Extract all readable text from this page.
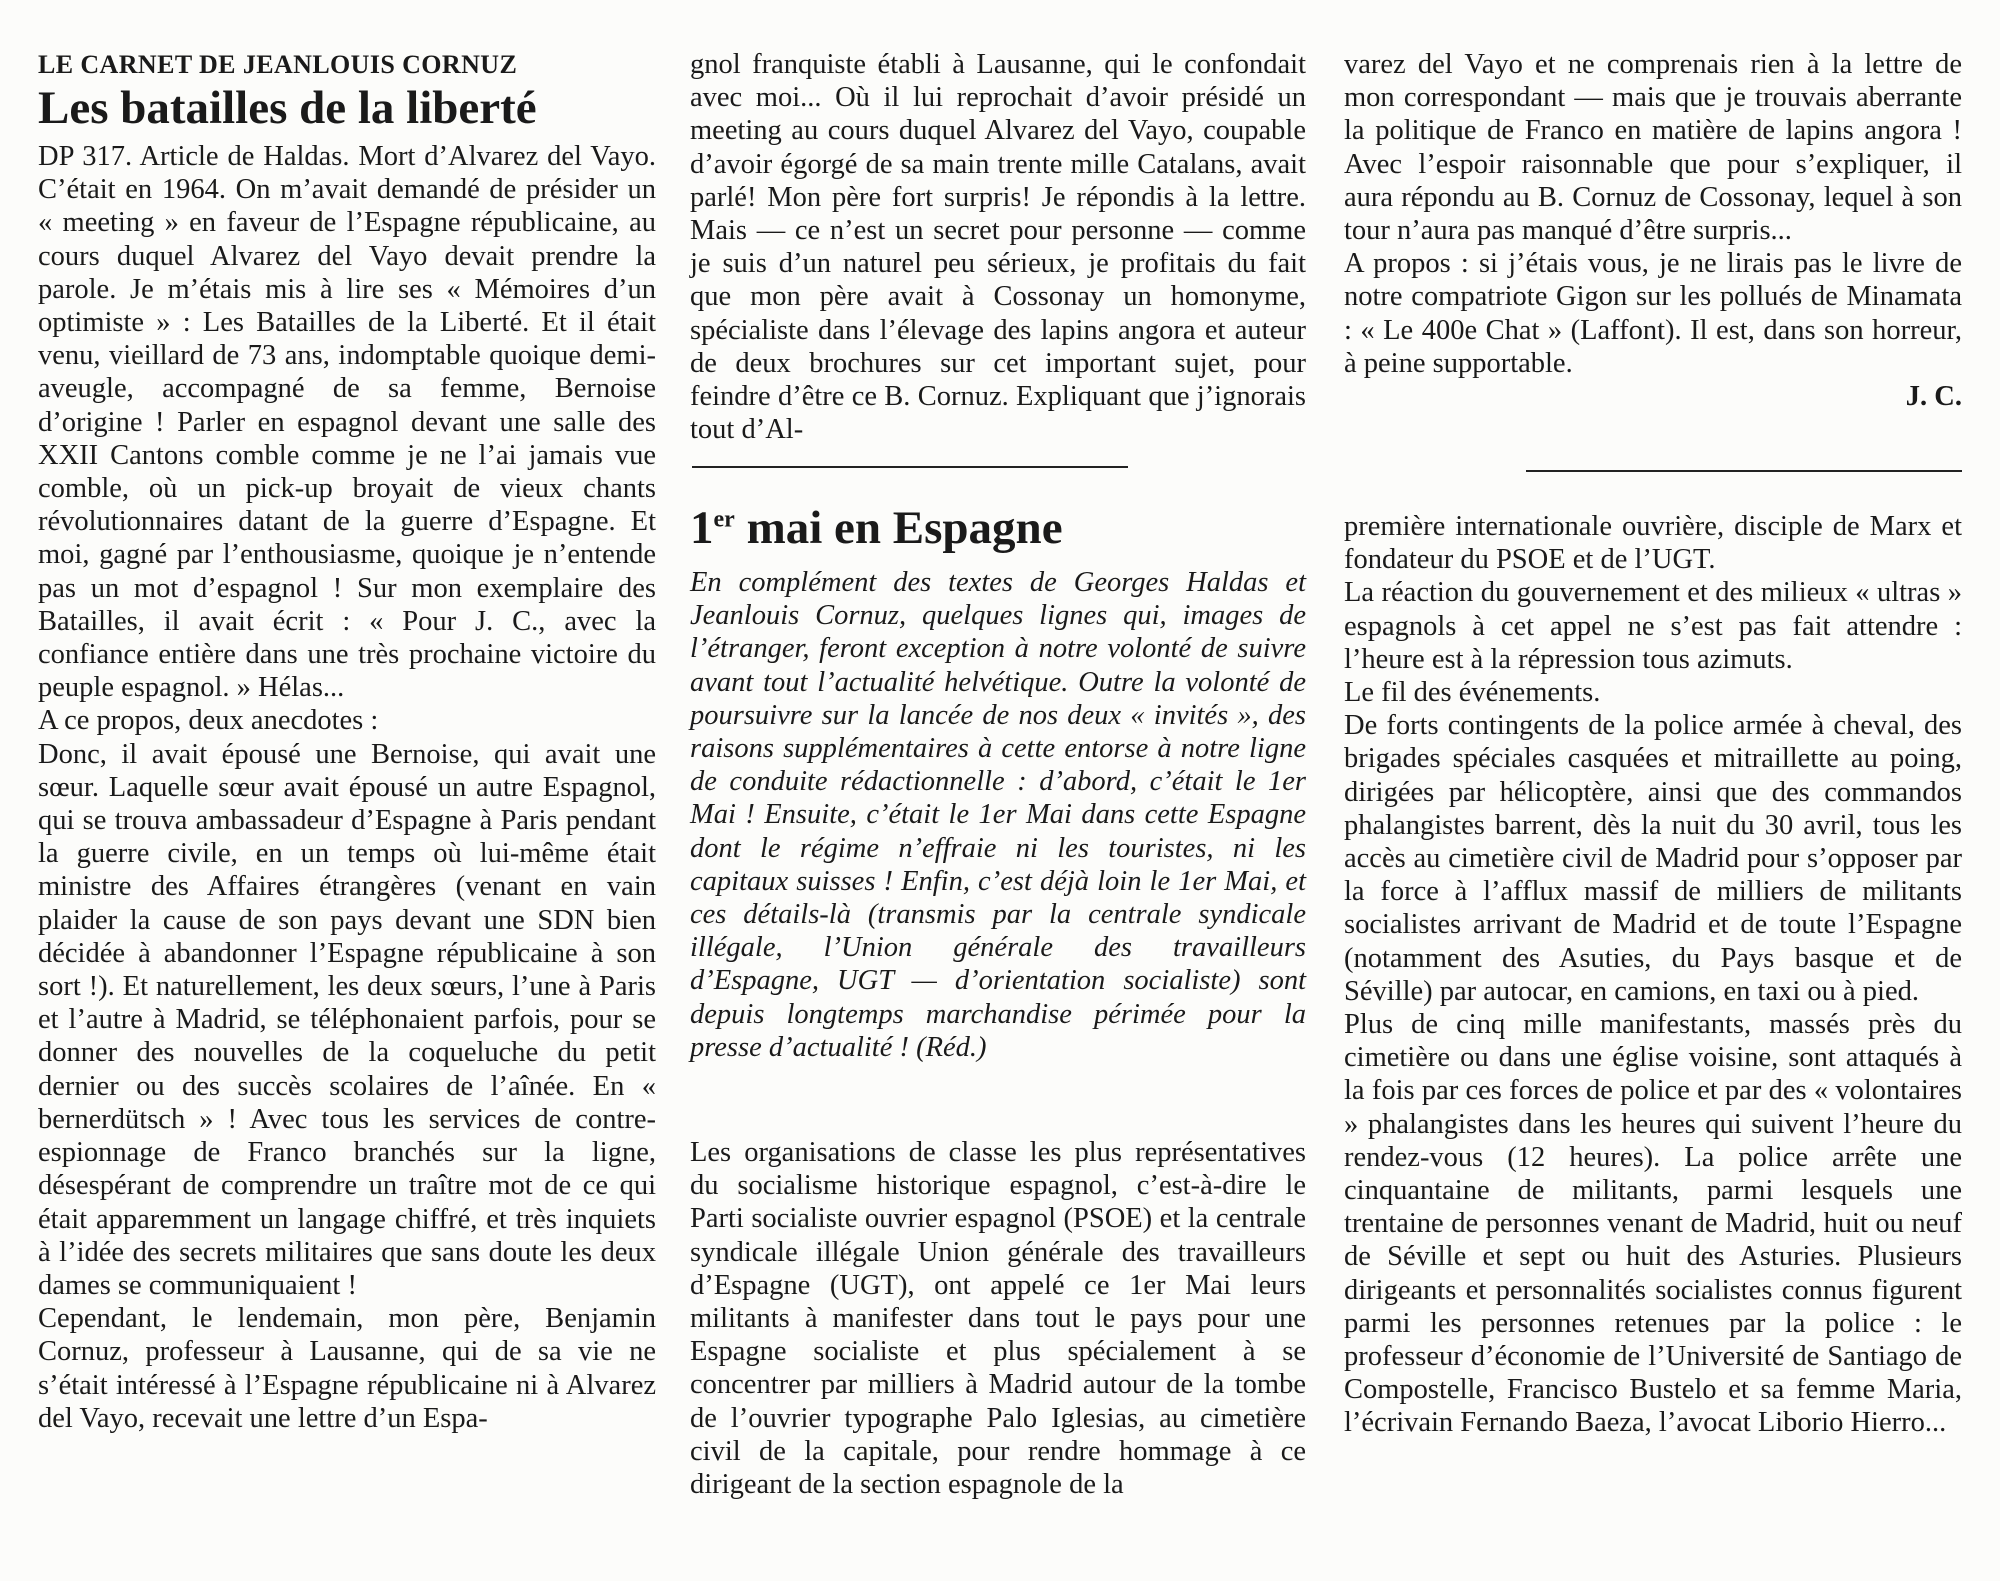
LE CARNET DE JEANLOUIS CORNUZ

Les batailles de la liberté

DP 317. Article de Haldas. Mort d’Alvarez del Vayo. C’était en 1964. On m’avait demandé de présider un « meeting » en faveur de l’Espagne républicaine, au cours duquel Alvarez del Vayo devait prendre la parole. Je m’étais mis à lire ses « Mémoires d’un optimiste » : Les Batailles de la Liberté. Et il était venu, vieillard de 73 ans, indomptable quoique demi-aveugle, accompagné de sa femme, Bernoise d’origine ! Parler en espagnol devant une salle des XXII Cantons comble comme je ne l’ai jamais vue comble, où un pick-up broyait de vieux chants révolutionnaires datant de la guerre d’Espagne. Et moi, gagné par l’enthousiasme, quoique je n’entende pas un mot d’espagnol ! Sur mon exemplaire des Batailles, il avait écrit : « Pour J. C., avec la confiance entière dans une très prochaine victoire du peuple espagnol. » Hélas...

A ce propos, deux anecdotes :

Donc, il avait épousé une Bernoise, qui avait une sœur. Laquelle sœur avait épousé un autre Espagnol, qui se trouva ambassadeur d’Espagne à Paris pendant la guerre civile, en un temps où lui-même était ministre des Affaires étrangères (venant en vain plaider la cause de son pays devant une SDN bien décidée à abandonner l’Espagne républicaine à son sort !). Et naturellement, les deux sœurs, l’une à Paris et l’autre à Madrid, se téléphonaient parfois, pour se donner des nouvelles de la coqueluche du petit dernier ou des succès scolaires de l’aînée. En « bernerdütsch » ! Avec tous les services de contre-espionnage de Franco branchés sur la ligne, désespérant de comprendre un traître mot de ce qui était apparemment un langage chiffré, et très inquiets à l’idée des secrets militaires que sans doute les deux dames se communiquaient !

Cependant, le lendemain, mon père, Benjamin Cornuz, professeur à Lausanne, qui de sa vie ne s’était intéressé à l’Espagne républicaine ni à Alvarez del Vayo, recevait une lettre d’un Espa-

gnol franquiste établi à Lausanne, qui le confondait avec moi... Où il lui reprochait d’avoir présidé un meeting au cours duquel Alvarez del Vayo, coupable d’avoir égorgé de sa main trente mille Catalans, avait parlé! Mon père fort surpris! Je répondis à la lettre. Mais — ce n’est un secret pour personne — comme je suis d’un naturel peu sérieux, je profitais du fait que mon père avait à Cossonay un homonyme, spécialiste dans l’élevage des lapins angora et auteur de deux brochures sur cet important sujet, pour feindre d’être ce B. Cornuz. Expliquant que j’ignorais tout d’Al-

varez del Vayo et ne comprenais rien à la lettre de mon correspondant — mais que je trouvais aberrante la politique de Franco en matière de lapins angora ! Avec l’espoir raisonnable que pour s’expliquer, il aura répondu au B. Cornuz de Cossonay, lequel à son tour n’aura pas manqué d’être surpris...

A propos : si j’étais vous, je ne lirais pas le livre de notre compatriote Gigon sur les pollués de Minamata : « Le 400e Chat » (Laffont). Il est, dans son horreur, à peine supportable.

J. C.

1er mai en Espagne

En complément des textes de Georges Haldas et Jeanlouis Cornuz, quelques lignes qui, images de l’étranger, feront exception à notre volonté de suivre avant tout l’actualité helvétique. Outre la volonté de poursuivre sur la lancée de nos deux « invités », des raisons supplémentaires à cette entorse à notre ligne de conduite rédactionnelle : d’abord, c’était le 1er Mai ! Ensuite, c’était le 1er Mai dans cette Espagne dont le régime n’effraie ni les touristes, ni les capitaux suisses ! Enfin, c’est déjà loin le 1er Mai, et ces détails-là (transmis par la centrale syndicale illégale, l’Union générale des travailleurs d’Espagne, UGT — d’orientation socialiste) sont depuis longtemps marchandise périmée pour la presse d’actualité ! (Réd.)

Les organisations de classe les plus représentatives du socialisme historique espagnol, c’est-à-dire le Parti socialiste ouvrier espagnol (PSOE) et la centrale syndicale illégale Union générale des travailleurs d’Espagne (UGT), ont appelé ce 1er Mai leurs militants à manifester dans tout le pays pour une Espagne socialiste et plus spécialement à se concentrer par milliers à Madrid autour de la tombe de l’ouvrier typographe Palo Iglesias, au cimetière civil de la capitale, pour rendre hommage à ce dirigeant de la section espagnole de la

première internationale ouvrière, disciple de Marx et fondateur du PSOE et de l’UGT.

La réaction du gouvernement et des milieux « ultras » espagnols à cet appel ne s’est pas fait attendre : l’heure est à la répression tous azimuts.

Le fil des événements.

De forts contingents de la police armée à cheval, des brigades spéciales casquées et mitraillette au poing, dirigées par hélicoptère, ainsi que des commandos phalangistes barrent, dès la nuit du 30 avril, tous les accès au cimetière civil de Madrid pour s’opposer par la force à l’afflux massif de milliers de militants socialistes arrivant de Madrid et de toute l’Espagne (notamment des Asuties, du Pays basque et de Séville) par autocar, en camions, en taxi ou à pied.

Plus de cinq mille manifestants, massés près du cimetière ou dans une église voisine, sont attaqués à la fois par ces forces de police et par des « volontaires » phalangistes dans les heures qui suivent l’heure du rendez-vous (12 heures). La police arrête une cinquantaine de militants, parmi lesquels une trentaine de personnes venant de Madrid, huit ou neuf de Séville et sept ou huit des Asturies. Plusieurs dirigeants et personnalités socialistes connus figurent parmi les personnes retenues par la police : le professeur d’économie de l’Université de Santiago de Compostelle, Francisco Bustelo et sa femme Maria, l’écrivain Fernando Baeza, l’avocat Liborio Hierro...
